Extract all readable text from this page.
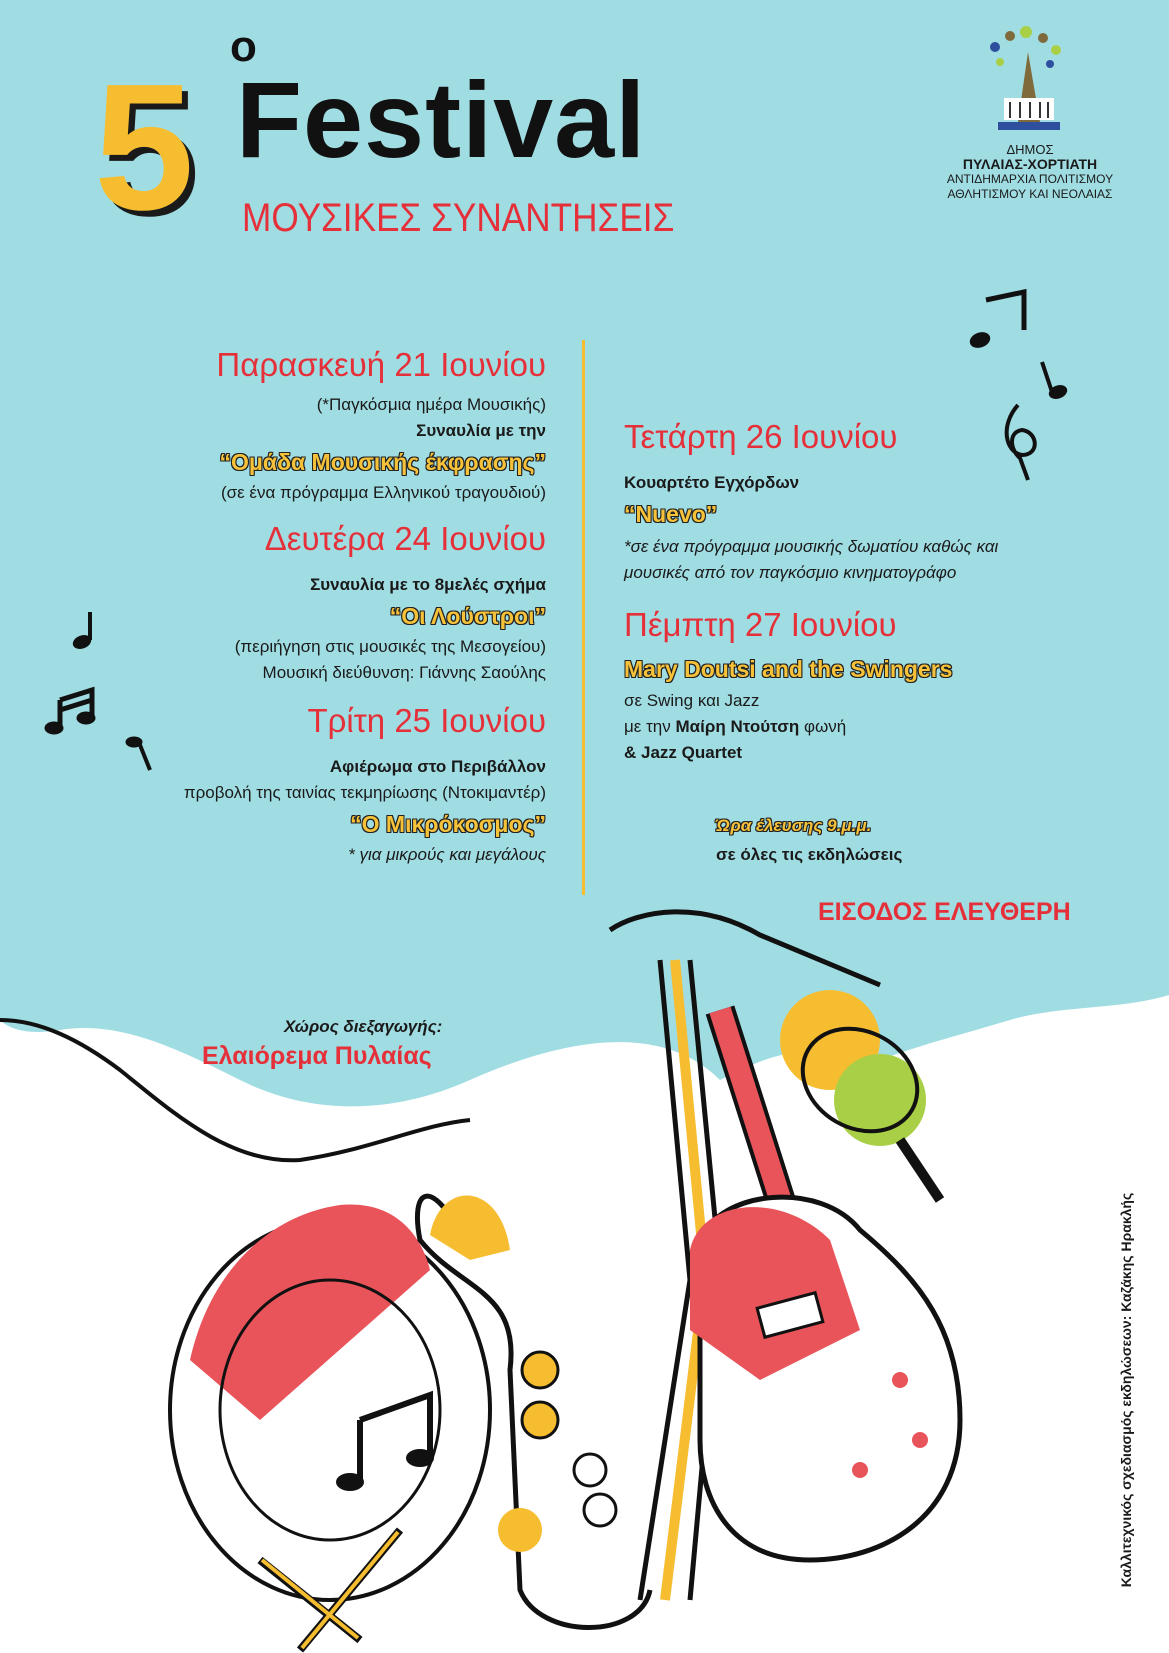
5
ο
Festival
ΜΟΥΣΙΚΕΣ ΣΥΝΑΝΤΗΣΕΙΣ
ΔΗΜΟΣ
ΠΥΛΑΙΑΣ-ΧΟΡΤΙΑΤΗ
ΑΝΤΙΔΗΜΑΡΧΙΑ ΠΟΛΙΤΙΣΜΟΥ
ΑΘΛΗΤΙΣΜΟΥ ΚΑΙ ΝΕΟΛΑΙΑΣ
Παρασκευή 21 Ιουνίου
(*Παγκόσμια ημέρα Μουσικής)
Συναυλία με την
“Ομάδα Μουσικής έκφρασης”
(σε ένα πρόγραμμα Ελληνικού τραγουδιού)
Δευτέρα 24 Ιουνίου
Συναυλία με το 8μελές σχήμα
“Οι Λούστροι”
(περιήγηση στις μουσικές της Μεσογείου)
Μουσική διεύθυνση: Γιάννης Σαούλης
Τρίτη 25 Ιουνίου
Αφιέρωμα στο Περιβάλλον
προβολή της ταινίας τεκμηρίωσης (Ντοκιμαντέρ)
“Ο Μικρόκοσμος”
* για μικρούς και μεγάλους
Τετάρτη 26 Ιουνίου
Κουαρτέτο Εγχόρδων
“Nuevo”
*σε ένα πρόγραμμα μουσικής δωματίου καθώς και
μουσικές από τον παγκόσμιο κινηματογράφο
Πέμπτη 27 Ιουνίου
Mary Doutsi and the Swingers
σε Swing και Jazz
με την Μαίρη Ντούτση φωνή
& Jazz Quartet
Ώρα έλευσης 9.μ.μ.
σε όλες τις εκδηλώσεις
ΕΙΣΟΔΟΣ ΕΛΕΥΘΕΡΗ
Χώρος διεξαγωγής:
Ελαιόρεμα Πυλαίας
Καλλιτεχνικός σχεδιασμός εκδηλώσεων: Καζάκης Ηρακλής
